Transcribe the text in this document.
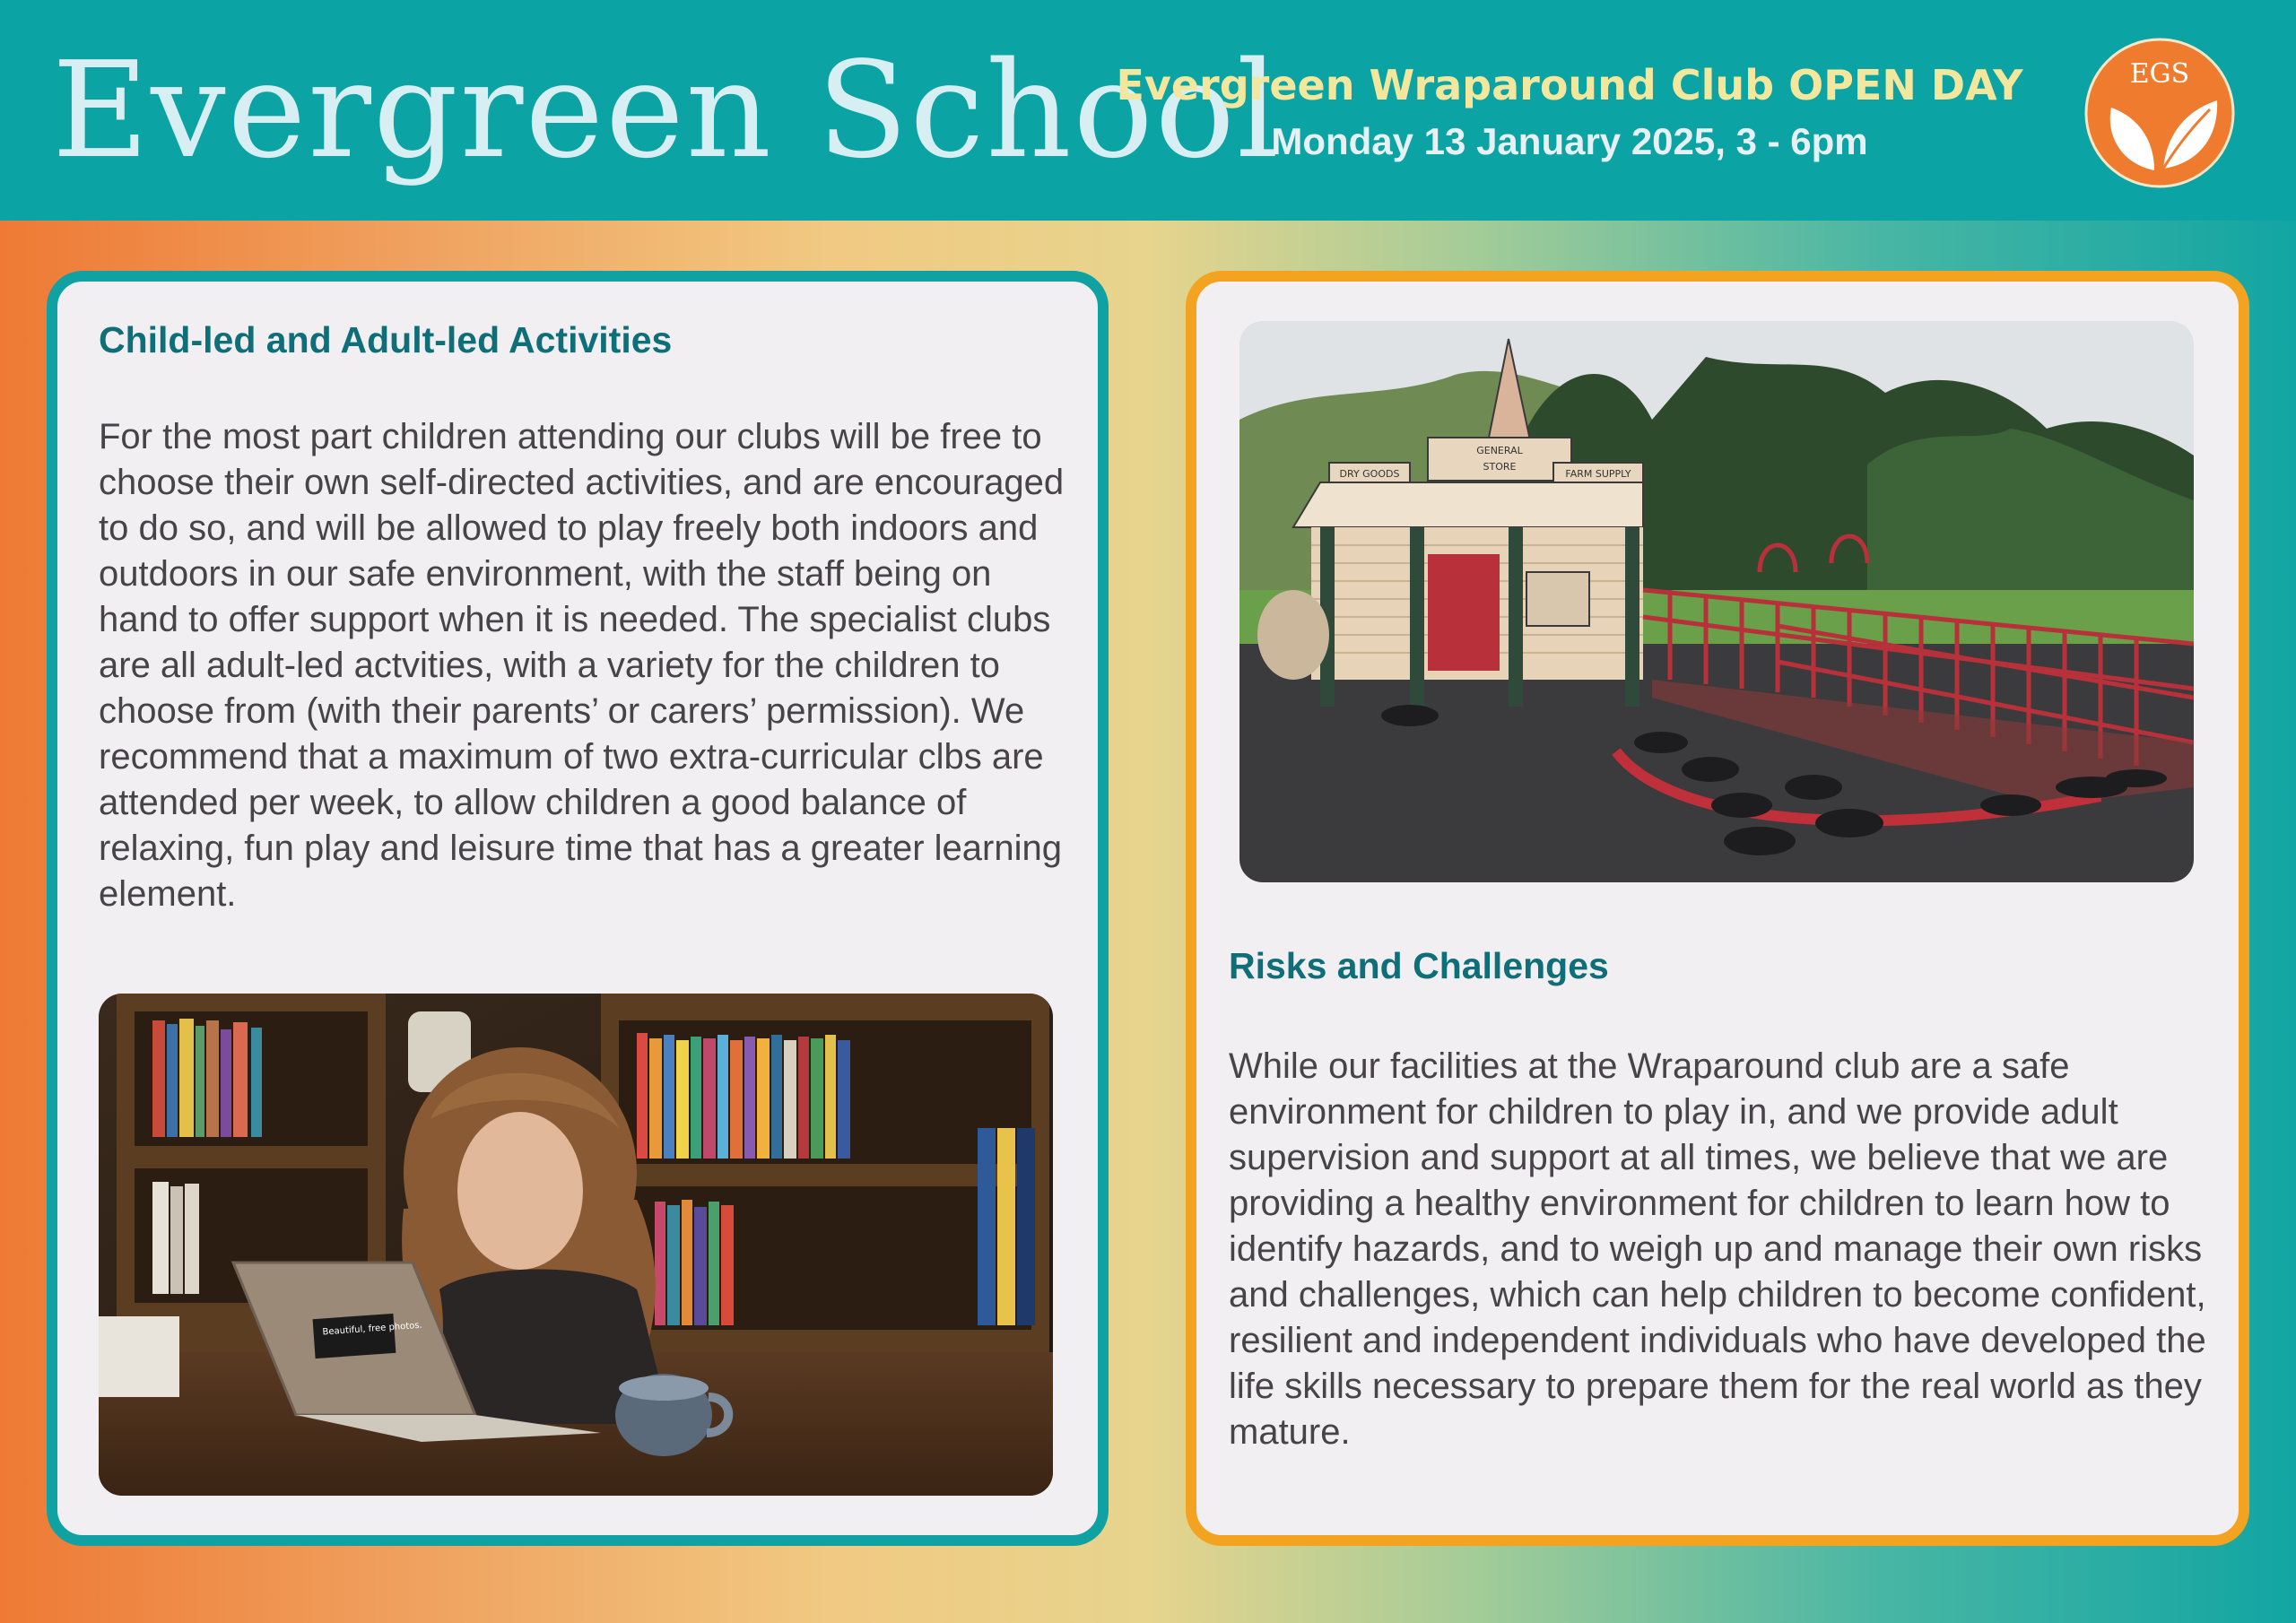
Evergreen School
Evergreen Wraparound Club OPEN DAY
Monday 13 January 2025, 3 - 6pm
EGS
Child-led and Adult-led Activities

For the most part children attending our clubs will be free to choose their own self-directed activities, and are encouraged to do so, and will be allowed to play freely both indoors and outdoors in our safe environment, with the staff being on hand to offer support when it is needed. The specialist clubs are all adult-led actvities, with a variety for the children to choose from (with their parents’ or carers’ permission). We recommend that a maximum of two extra-curricular clbs are attended per week, to allow children a good balance of relaxing, fun play and leisure time that has a greater learning element.

Beautiful, free photos.
GENERAL
STORE
DRY GOODS	FARM SUPPLY
Risks and Challenges

While our facilities at the Wraparound club are a safe environment for children to play in, and we provide adult supervision and support at all times, we believe that we are providing a healthy environment for children to learn how to identify hazards, and to weigh up and manage their own risks and challenges, which can help children to become confident, resilient and independent individuals who have developed the life skills necessary to prepare them for the real world as they mature.
